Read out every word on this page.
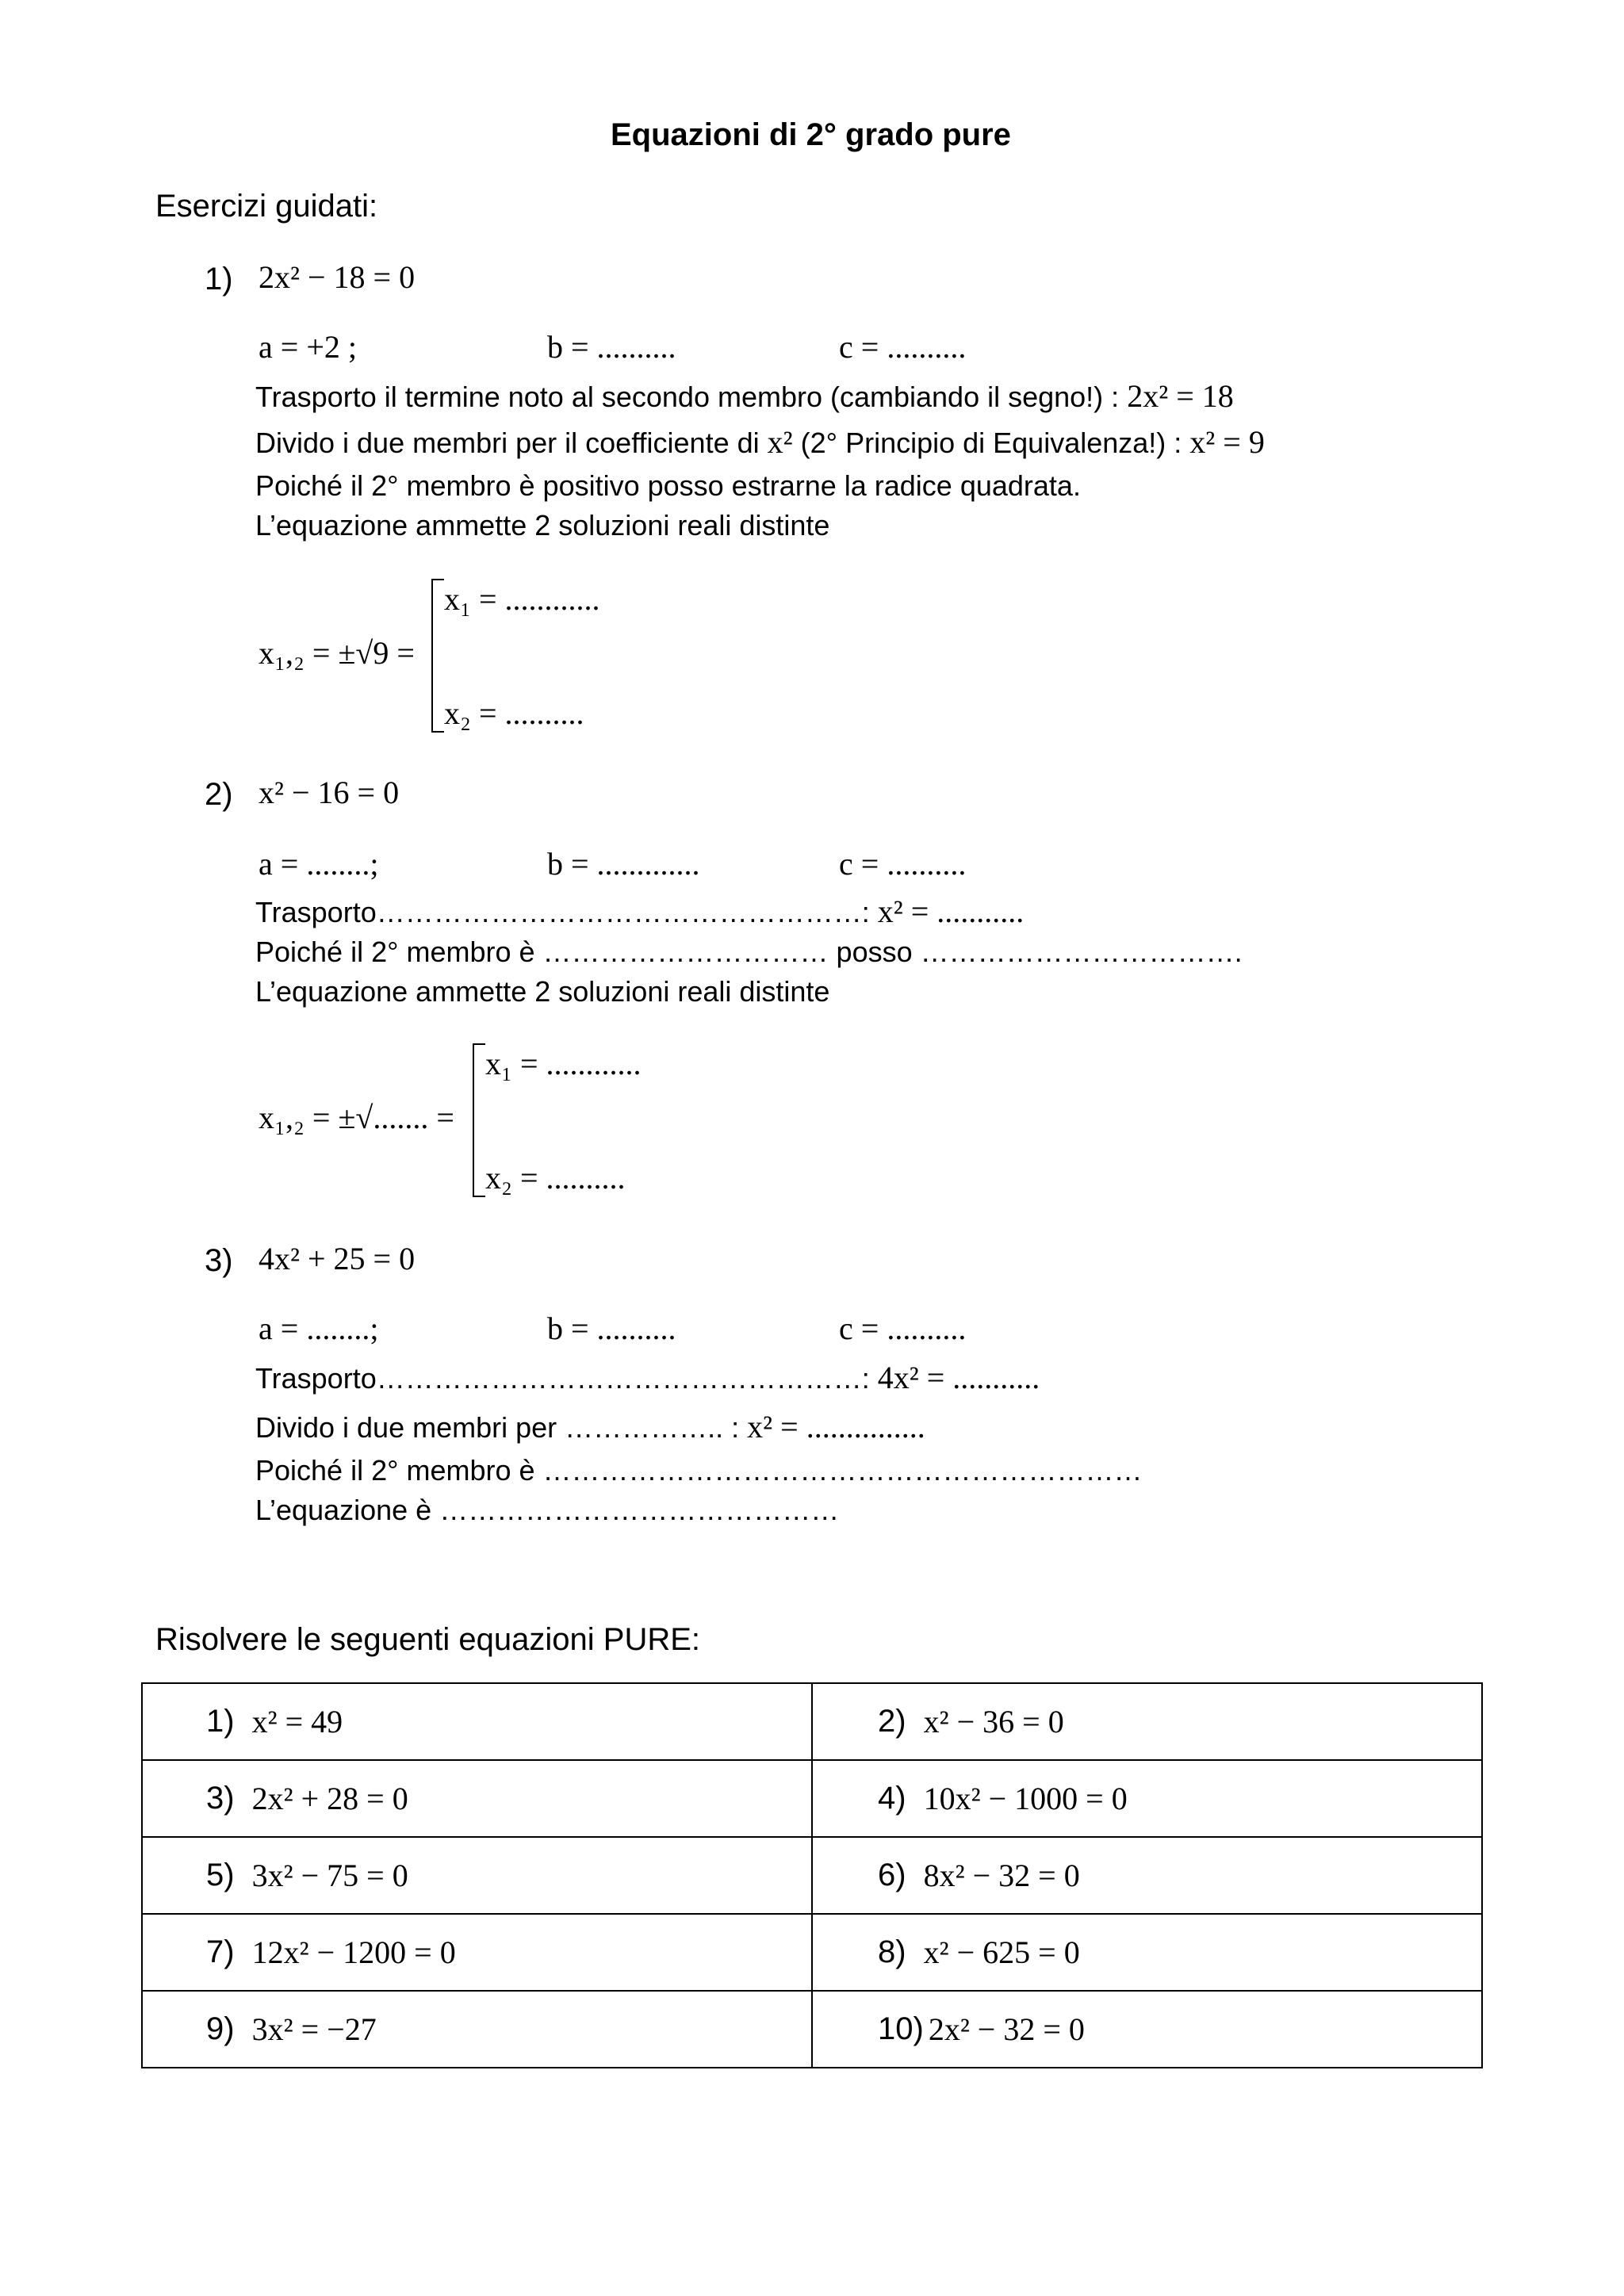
Equazioni di 2° grado pure
Esercizi guidati:
1) 2x² − 18 = 0
a = +2 ;	b = ..........	c = ..........
Trasporto il termine noto al secondo membro (cambiando il segno!) : 2x² = 18
Divido i due membri per il coefficiente di x² (2° Principio di Equivalenza!) : x² = 9
Poiché il 2° membro è positivo posso estrarne la radice quadrata.
L’equazione ammette 2 soluzioni reali distinte
x₁,₂ = ±√9 =
x₁ = ............
x₂ = ..........
2) x² − 16 = 0
a = ........;	b = .............	c = ..........
Trasporto……………………………………………: x² = ...........
Poiché il 2° membro è ………………………… posso …………………………….
L’equazione ammette 2 soluzioni reali distinte
x₁,₂ = ±√....... =
x₁ = ............
x₂ = ..........
3) 4x² + 25 = 0
a = ........;	b = ..........	c = ..........
Trasporto……………………………………………: 4x² = ...........
Divido i due membri per …………….. : x² = ...............
Poiché il 2° membro è ………………………………………………………
L’equazione è ……………………………………
Risolvere le seguenti equazioni PURE:
1) x² = 49	2) x² − 36 = 0

3) 2x² + 28 = 0	4) 10x² − 1000 = 0

5) 3x² − 75 = 0	6) 8x² − 32 = 0

7) 12x² − 1200 = 0	8) x² − 625 = 0

9) 3x² = −27	10) 2x² − 32 = 0
